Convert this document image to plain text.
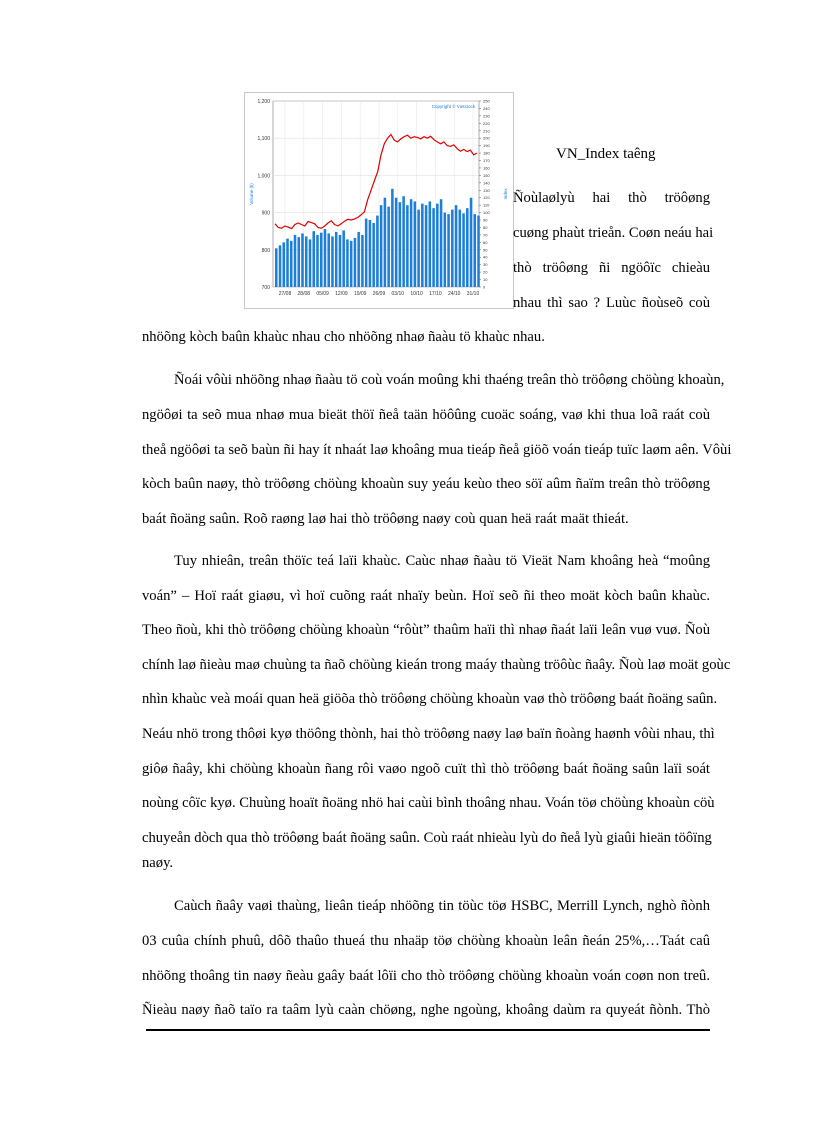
1,200
1,100
1,000
900
800
700
27/08 28/08 05/09 12/09 19/09 26/09 03/10 10/10 17/10 24/10 31/10
250
240
230
220
210
200
190
180
170
160
150
140
130
120
110
100
90
80
70
60
50
40
30
20
10
0
Volume (k)	Index
Copyright © Vietstock
VN_Index taêng
Ñoùlaølyù hai thò tröôøng
cuøng phaùt trieån. Coøn neáu hai
thò tröôøng ñi ngöôïc chieàu
nhau thì sao ? Luùc ñoùseõ coù
nhöõng kòch baûn khaùc nhau cho nhöõng nhaø ñaàu tö khaùc nhau.
Ñoái vôùi nhöõng nhaø ñaàu tö coù voán moûng khi thaéng treân thò tröôøng chöùng khoaùn,
ngöôøi ta seõ mua nhaø mua bieät thöï ñeå taän höôûng cuoäc soáng, vaø khi thua loã raát coù
theå ngöôøi ta seõ baùn ñi hay ít nhaát laø khoâng mua tieáp ñeå giöõ voán tieáp tuïc laøm aên. Vôùi
kòch baûn naøy, thò tröôøng chöùng khoaùn suy yeáu keùo theo söï aûm ñaïm treân thò tröôøng
baát ñoäng saûn. Roõ raøng laø hai thò tröôøng naøy coù quan heä raát maät thieát.
Tuy nhieân, treân thöïc teá laïi khaùc. Caùc nhaø ñaàu tö Vieät Nam khoâng heà “moûng
voán” – Hoï raát giaøu, vì hoï cuõng raát nhaïy beùn. Hoï seõ ñi theo moät kòch baûn khaùc.
Theo ñoù, khi thò tröôøng chöùng khoaùn “rôùt” thaûm haïi thì nhaø ñaát laïi leân vuø vuø. Ñoù
chính laø ñieàu maø chuùng ta ñaõ chöùng kieán trong maáy thaùng tröôùc ñaây. Ñoù laø moät goùc
nhìn khaùc veà moái quan heä giöõa thò tröôøng chöùng khoaùn vaø thò tröôøng baát ñoäng saûn.
Neáu nhö trong thôøi kyø thöông thònh, hai thò tröôøng naøy laø baïn ñoàng haønh vôùi nhau, thì
giôø ñaây, khi chöùng khoaùn ñang rôi vaøo ngoõ cuït thì thò tröôøng baát ñoäng saûn laïi soát
noùng côïc kyø. Chuùng hoaït ñoäng nhö hai caùi bình thoâng nhau. Voán töø chöùng khoaùn cöù
chuyeån dòch qua thò tröôøng baát ñoäng saûn. Coù raát nhieàu lyù do ñeå lyù giaûi hieän töôïng
naøy.
Caùch ñaây vaøi thaùng, lieân tieáp nhöõng tin töùc töø HSBC, Merrill Lynch, nghò ñònh
03 cuûa chính phuû, dôõ thaûo thueá thu nhaäp töø chöùng khoaùn leân ñeán 25%,…Taát caû
nhöõng thoâng tin naøy ñeàu gaây baát lôïi cho thò tröôøng chöùng khoaùn voán coøn non treû.
Ñieàu naøy ñaõ taïo ra taâm lyù caàn chöøng, nghe ngoùng, khoâng daùm ra quyeát ñònh. Thò
